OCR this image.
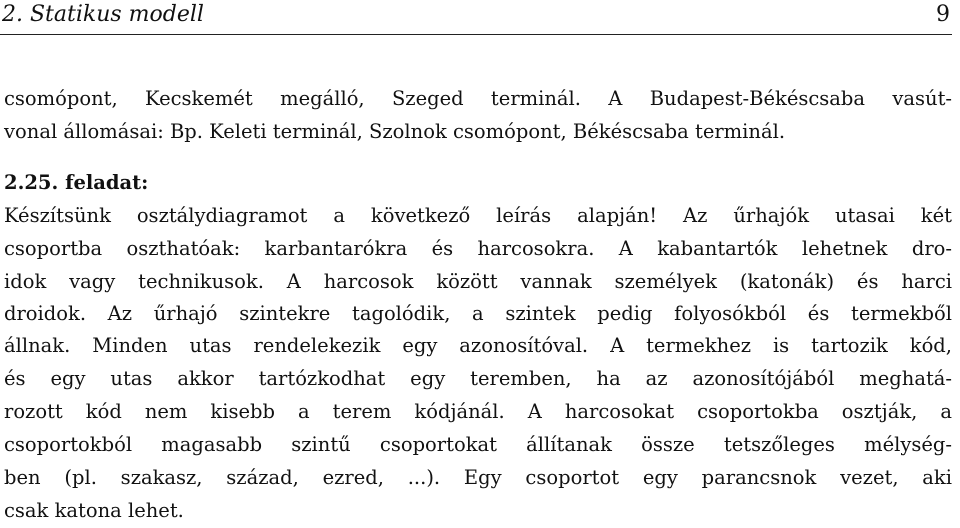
2. Statikus modell	9
csomópont, Kecskemét megálló, Szeged terminál. A Budapest-Békéscsaba vasút-
vonal állomásai: Bp. Keleti terminál, Szolnok csomópont, Békéscsaba terminál.
2.25. feladat:
Készítsünk osztálydiagramot a következő leírás alapján! Az űrhajók utasai két
csoportba oszthatóak: karbantarókra és harcosokra. A kabantartók lehetnek dro-
idok vagy technikusok. A harcosok között vannak személyek (katonák) és harci
droidok. Az űrhajó szintekre tagolódik, a szintek pedig folyosókból és termekből
állnak. Minden utas rendelekezik egy azonosítóval. A termekhez is tartozik kód,
és egy utas akkor tartózkodhat egy teremben, ha az azonosítójából meghatá-
rozott kód nem kisebb a terem kódjánál. A harcosokat csoportokba osztják, a
csoportokból magasabb szintű csoportokat állítanak össze tetszőleges mélység-
ben (pl. szakasz, század, ezred, ...). Egy csoportot egy parancsnok vezet, aki
csak katona lehet.
